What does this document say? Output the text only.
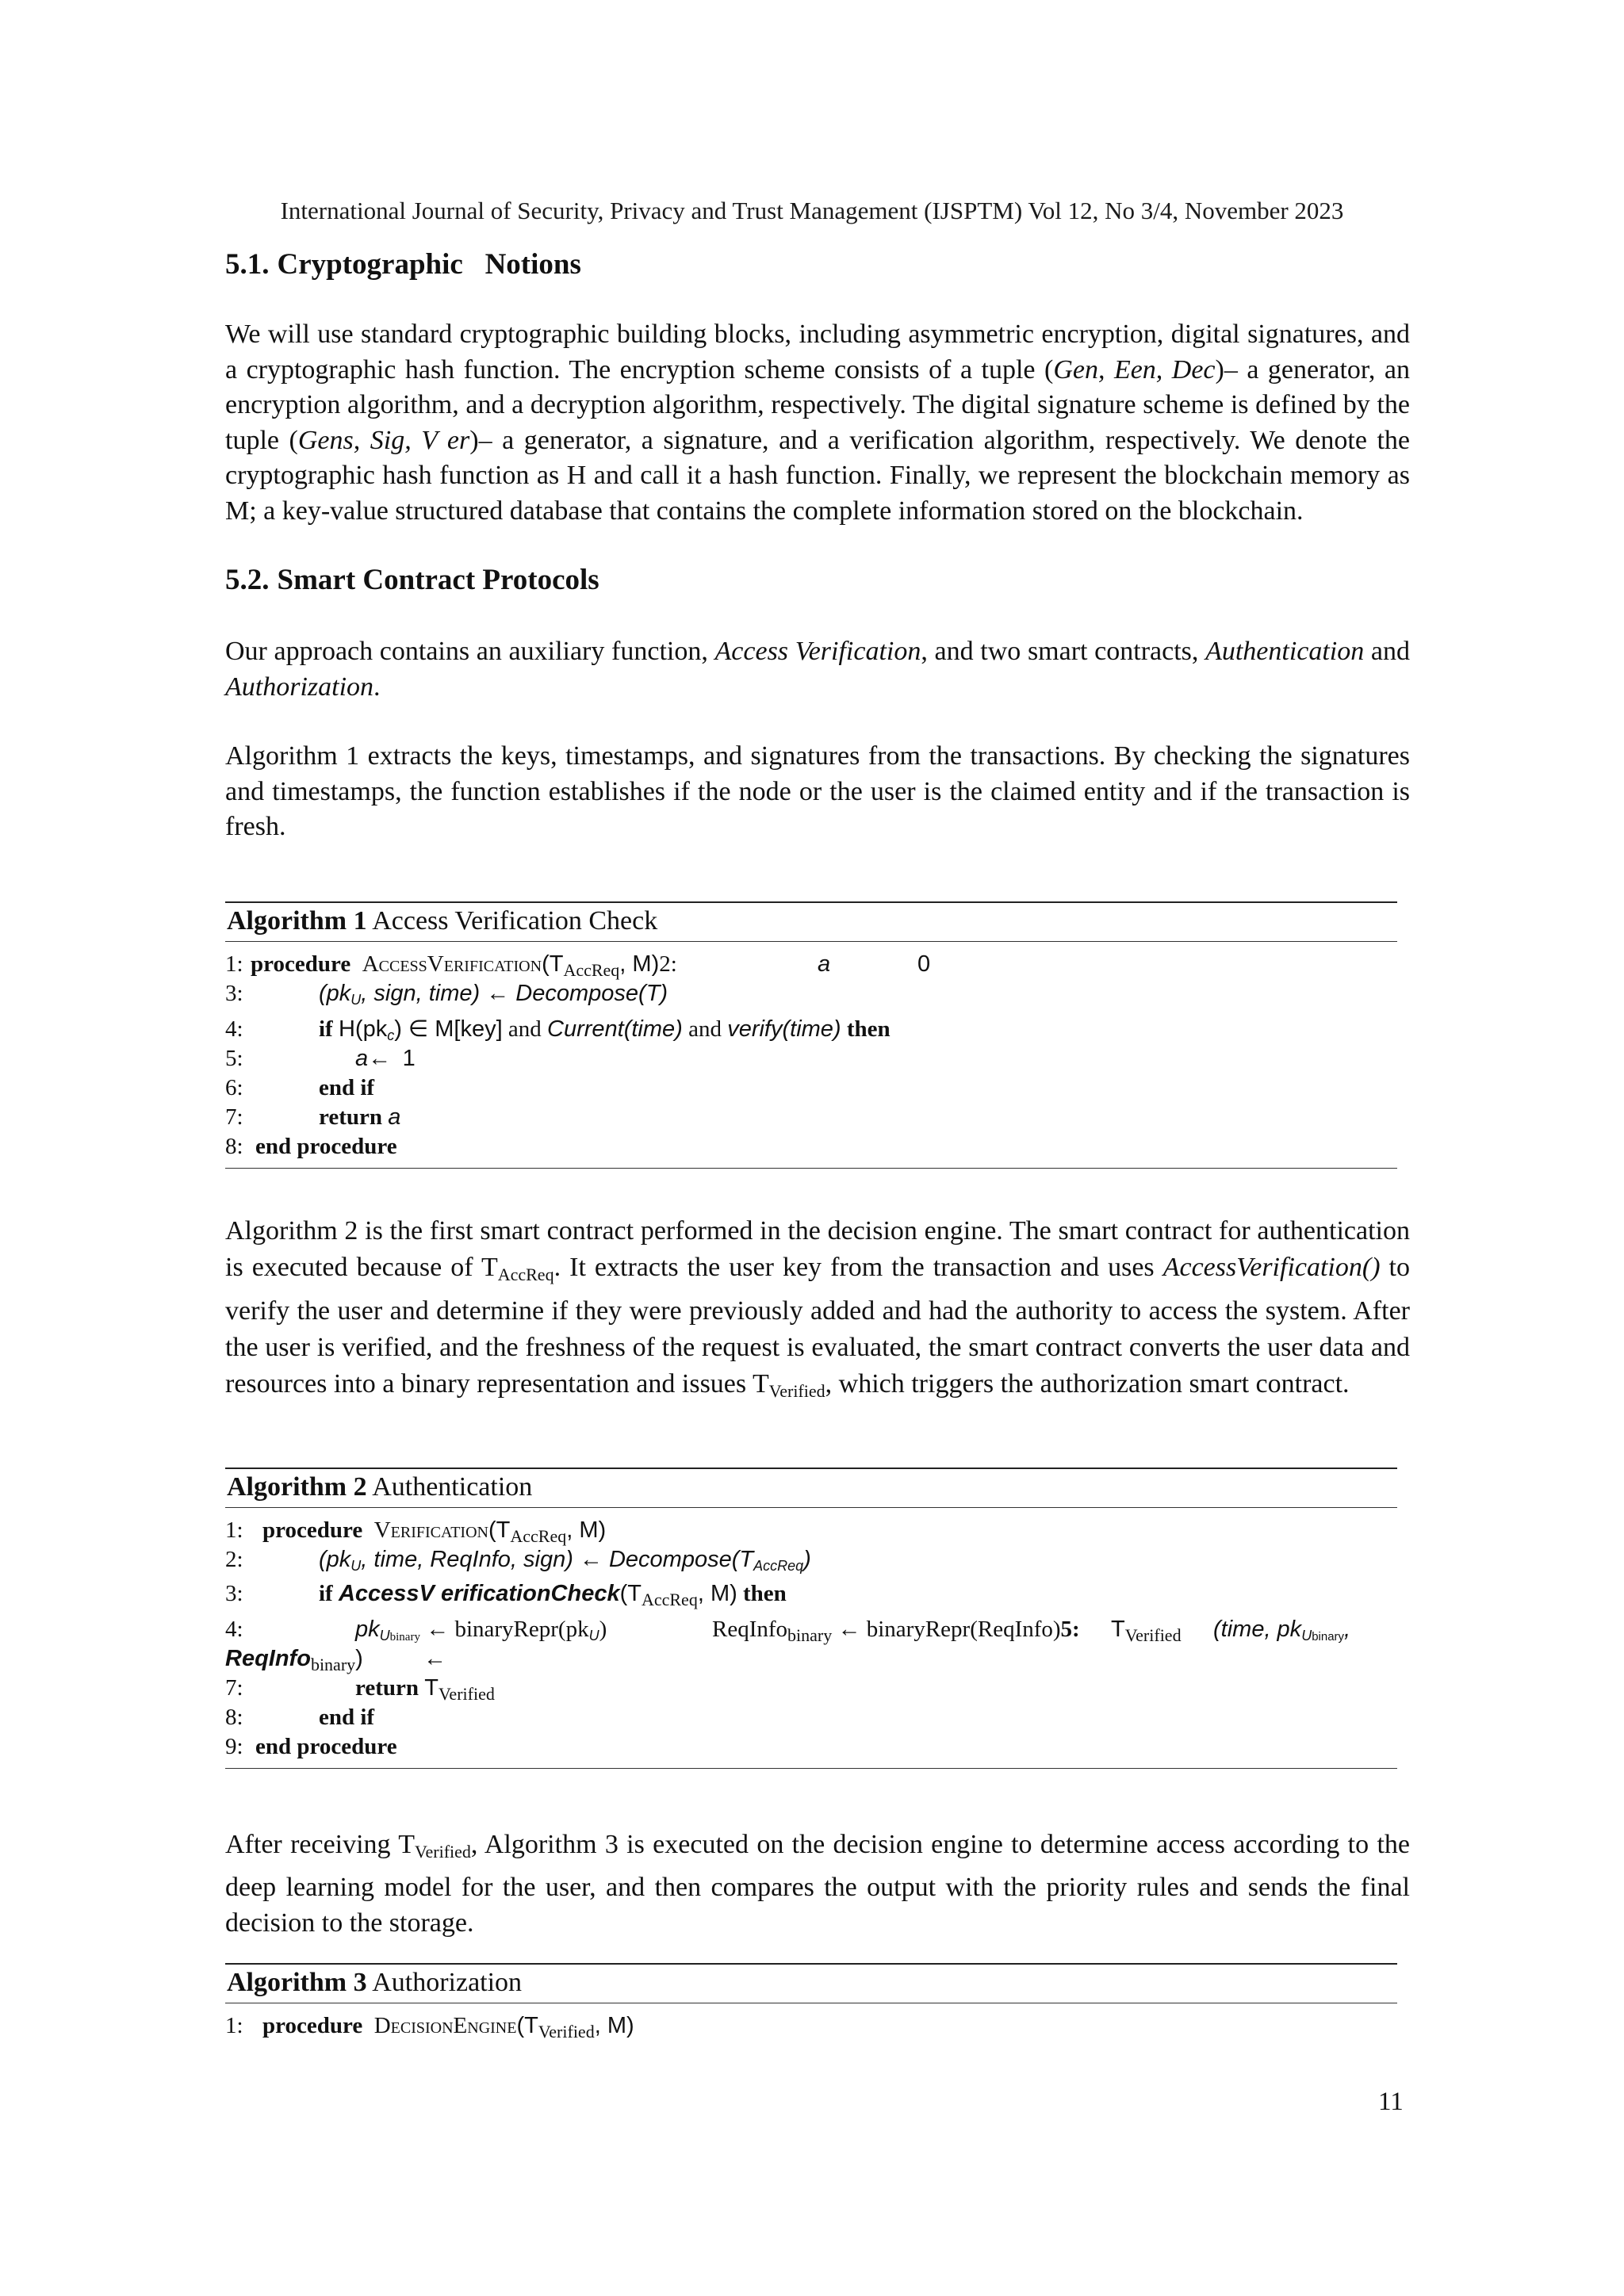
International Journal of Security, Privacy and Trust Management (IJSPTM) Vol 12, No 3/4, November 2023
5.1. Cryptographic   Notions

We will use standard cryptographic building blocks, including asymmetric encryption, digital signatures, and a cryptographic hash function. The encryption scheme consists of a tuple (Gen, Een, Dec)– a generator, an encryption algorithm, and a decryption algorithm, respectively. The digital signature scheme is defined by the tuple (Gens, Sig, V er)– a generator, a signature, and a verification algorithm, respectively. We denote the cryptographic hash function as H and call it a hash function. Finally, we represent the blockchain memory as M; a key-value structured database that contains the complete information stored on the blockchain.

5.2. Smart Contract Protocols

Our approach contains an auxiliary function, Access Verification, and two smart contracts, Authentication and Authorization.

Algorithm 1 extracts the keys, timestamps, and signatures from the transactions. By checking the signatures and timestamps, the function establishes if the node or the user is the claimed entity and if the transaction is fresh.

Algorithm 1 Access Verification Check
1: procedure $AccessVerification(T_{AccReq}$, M)2:	a	0
3:	(pkU, sign, time) ← Decompose(T)
4:	if H(pkc) ∈ M[key] and Current(time) and verify(time) then
5:	a← 1
6:	end if
7:	return a
8: end procedure

Algorithm 2 is the first smart contract performed in the decision engine. The smart contract for authentication is executed because of $T_{AccReq}$. It extracts the user key from the transaction and uses AccessVerification() to verify the user and determine if they were previously added and had the authority to access the system. After the user is verified, and the freshness of the request is evaluated, the smart contract converts the user data and resources into a binary representation and issues $T_{Verified}$, which triggers the authorization smart contract.

Algorithm 2 Authentication
1: procedure $Verification(T_{AccReq}$, M)
2:	(pkU, time, ReqInfo, sign) ← Decompose(TAccReq)
3:	if AccessV $erificationCheck(T_{AccReq}$, M) then
4:	pkUbinary ← binaryRepr(pkU)	ReqInfo$_{binary}$ ← binaryRepr(ReqInfo)5: $T_{Verified}$ (time, pkUbinary,
ReqInfo$_{binary}$)	←
7:	return $T_{Verified}$
8:	end if
9: end procedure

After receiving $T_{Verified}$, Algorithm 3 is executed on the decision engine to determine access according to the deep learning model for the user, and then compares the output with the priority rules and sends the final decision to the storage.

Algorithm 3 Authorization
1: procedure $DecisionEngine(T_{Verified}$, M)
11
